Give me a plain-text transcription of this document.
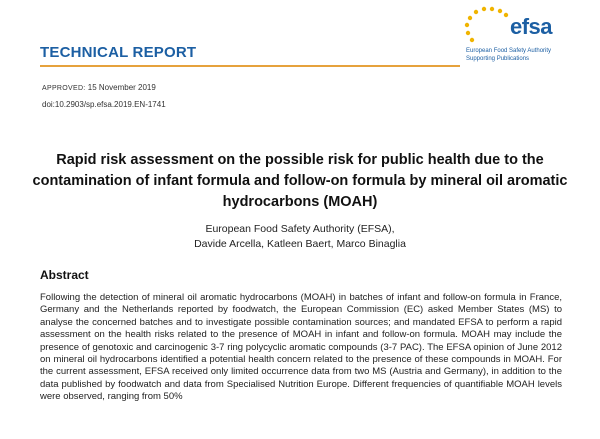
TECHNICAL REPORT
efsa
European Food Safety Authority
Supporting Publications
APPROVED: 15 November 2019
doi:10.2903/sp.efsa.2019.EN-1741
Rapid risk assessment on the possible risk for public health due to the contamination of infant formula and follow-on formula by mineral oil aromatic hydrocarbons (MOAH)
European Food Safety Authority (EFSA),
Davide Arcella, Katleen Baert, Marco Binaglia
Abstract
Following the detection of mineral oil aromatic hydrocarbons (MOAH) in batches of infant and follow-on formula in France, Germany and the Netherlands reported by foodwatch, the European Commission (EC) asked Member States (MS) to analyse the concerned batches and to investigate possible contamination sources; and mandated EFSA to perform a rapid assessment on the health risks related to the presence of MOAH in infant and follow-on formula. MOAH may include the presence of genotoxic and carcinogenic 3-7 ring polycyclic aromatic compounds (3-7 PAC). The EFSA opinion of June 2012 on mineral oil hydrocarbons identified a potential health concern related to the presence of these compounds in MOAH. For the current assessment, EFSA received only limited occurrence data from two MS (Austria and Germany), in addition to the data published by foodwatch and data from Specialised Nutrition Europe. Different frequencies of quantifiable MOAH levels were observed, ranging from 50%
